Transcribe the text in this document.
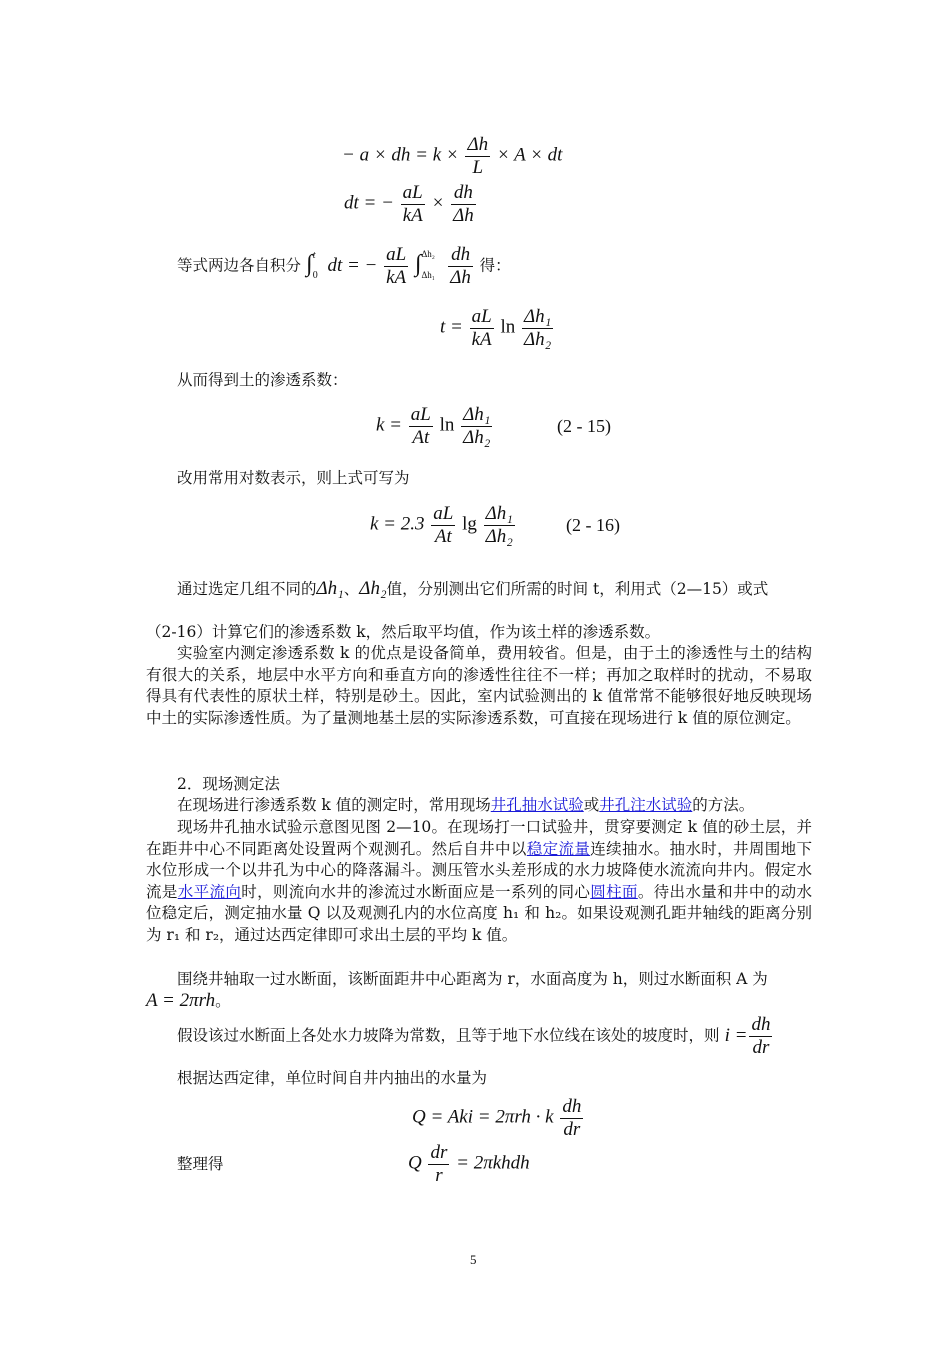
− a × dh = $k \times \frac{\Delta h}{L} \times A$ × dt
dt = − $\frac{aL}{kA} \times \frac{dh}{\Delta h}$
等式两边各自积分 ∫ t
0
dt = − $\frac{aL}{kA}$ ∫ Δh₂
Δh₁
$\frac{dh}{\Delta h}$ 得：
$t = \frac{aL}{kA}$ $\ln \frac{\text{Δh₁}}{\text{Δh₂}}$
从而得到土的渗透系数：
$k = \frac{aL}{At}$ $\ln \frac{\text{Δh₁}}{\text{Δh₂}}$	(2 - 15)
改用常用对数表示，则上式可写为
$k = 2.3 \frac{aL}{At}$ $\lg \frac{\text{Δh₁}}{\text{Δh₂}}$	(2 - 16)
通过选定几组不同的Δh₁、Δh₂值，分别测出它们所需的时间 t，利用式（2—15）或式
（2-16）计算它们的渗透系数 k，然后取平均值，作为该土样的渗透系数。
实验室内测定渗透系数 k 的优点是设备简单，费用较省。但是，由于土的渗透性与土的结构有很大的关系，地层中水平方向和垂直方向的渗透性往往不一样；再加之取样时的扰动，不易取得具有代表性的原状土样，特别是砂土。因此，室内试验测出的 k 值常常不能够很好地反映现场中土的实际渗透性质。为了量测地基土层的实际渗透系数，可直接在现场进行 k 值的原位测定。
2．现场测定法
在现场进行渗透系数 k 值的测定时，常用现场井孔抽水试验或井孔注水试验的方法。
现场井孔抽水试验示意图见图 2—10。在现场打一口试验井，贯穿要测定 k 值的砂土层，并在距井中心不同距离处设置两个观测孔。然后自井中以稳定流量连续抽水。抽水时，井周围地下水位形成一个以井孔为中心的降落漏斗。测压管水头差形成的水力坡降使水流流向井内。假定水流是水平流向时，则流向水井的渗流过水断面应是一系列的同心圆柱面。待出水量和井中的动水位稳定后，测定抽水量 Q 以及观测孔内的水位高度 h₁ 和 h₂。如果设观测孔距井轴线的距离分别为 r₁ 和 r₂，通过达西定律即可求出土层的平均 k 值。
围绕井轴取一过水断面，该断面距井中心距离为 r，水面高度为 h，则过水断面积 A 为
A = 2πrh。
假设该过水断面上各处水力坡降为常数，且等于地下水位线在该处的坡度时，则 $i = \frac{dh}{dr}$
根据达西定律，单位时间自井内抽出的水量为
Q = Aki = 2πrh · k $\frac{dh}{dr}$
整理得	Q $\frac{dr}{r}$ = 2πkhdh
5
